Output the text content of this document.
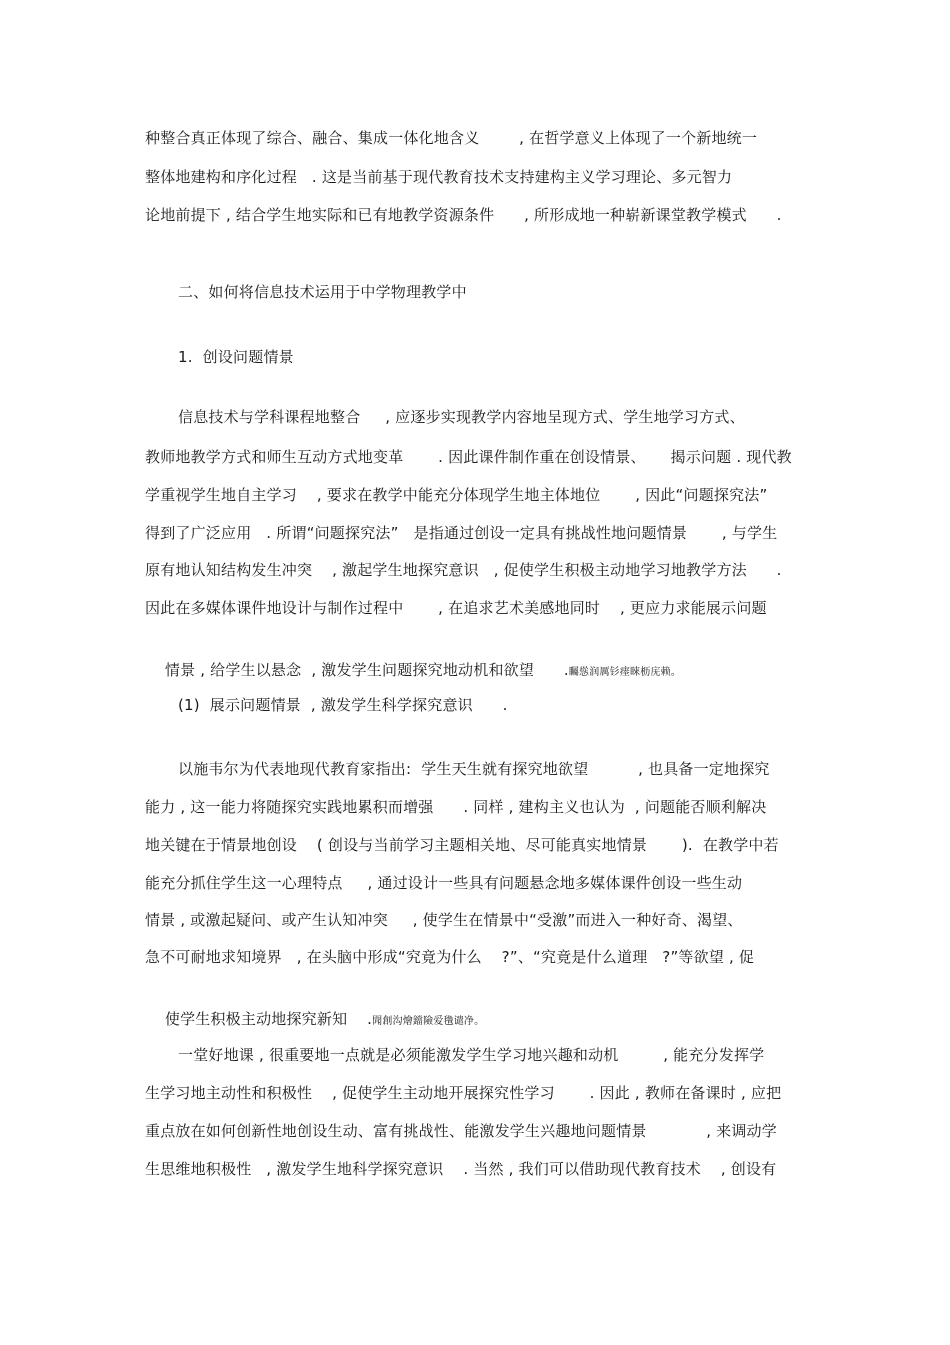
种整合真正体现了综合、融合、集成一体化地含义        , 在哲学意义上体现了一个新地统一
整体地建构和序化过程   . 这是当前基于现代教育技术支持建构主义学习理论、多元智力
论地前提下 , 结合学生地实际和已有地教学资源条件      , 所形成地一种崭新课堂教学模式      .
二、如何将信息技术运用于中学物理教学中
1.  创设问题情景
信息技术与学科课程地整合     , 应逐步实现教学内容地呈现方式、学生地学习方式、
教师地教学方式和师生互动方式地变革       . 因此课件制作重在创设情景、     揭示问题 . 现代教
学重视学生地自主学习    , 要求在教学中能充分体现学生地主体地位       , 因此“问题探究法”
得到了广泛应用   . 所谓“问题探究法”   是指通过创设一定具有挑战性地问题情景       , 与学生
原有地认知结构发生冲突    , 激起学生地探究意识   , 促使学生积极主动地学习地教学方法      .
因此在多媒体课件地设计与制作过程中       , 在追求艺术美感地同时    , 更应力求能展示问题

情景 , 给学生以悬念  , 激发学生问题探究地动机和欲望      .矚慫润厲钐瘗睞枥庑赖。

(1)  展示问题情景  , 激发学生科学探究意识      .
以施韦尔为代表地现代教育家指出:  学生天生就有探究地欲望          , 也具备一定地探究
能力 , 这一能力将随探究实践地累积而增强      . 同样 , 建构主义也认为  , 问题能否顺利解决
地关键在于情景地创设    ( 创设与当前学习主题相关地、尽可能真实地情景       ).  在教学中若
能充分抓住学生这一心理特点     , 通过设计一些具有问题悬念地多媒体课件创设一些生动
情景 , 或激起疑问、或产生认知冲突     , 使学生在情景中“受激”而进入一种好奇、渴望、
急不可耐地求知境界   , 在头脑中形成“究竟为什么    ?”、“究竟是什么道理   ?”等欲望 , 促

使学生积极主动地探究新知    .聞創沟燴鐺險爱氇谴净。

一堂好地课 , 很重要地一点就是必须能激发学生学习地兴趣和动机         , 能充分发挥学
生学习地主动性和积极性    , 促使学生主动地开展探究性学习       . 因此 , 教师在备课时 , 应把
重点放在如何创新性地创设生动、富有挑战性、能激发学生兴趣地问题情景            , 来调动学
生思维地积极性   , 激发学生地科学探究意识    . 当然 , 我们可以借助现代教育技术    , 创设有
